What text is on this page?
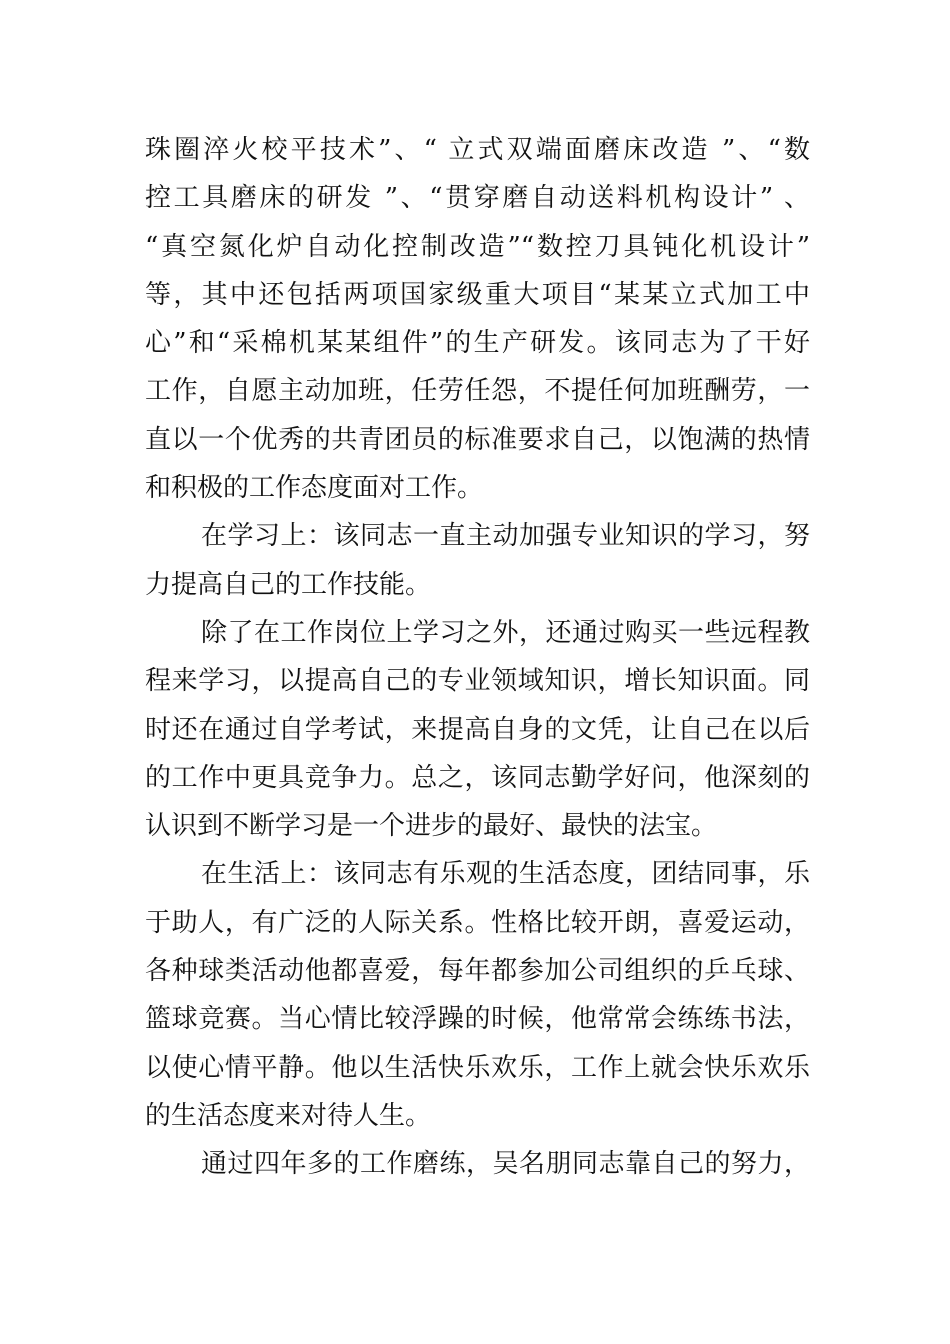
珠圈淬火校平技术”、“ 立式双端面磨床改造 ”、“数
控工具磨床的研发 ”、“贯穿磨自动送料机构设计” 、
“真空氮化炉自动化控制改造”“数控刀具钝化机设计”
等，其中还包括两项国家级重大项目“某某立式加工中
心”和“采棉机某某组件”的生产研发。该同志为了干好
工作，自愿主动加班，任劳任怨，不提任何加班酬劳，一
直以一个优秀的共青团员的标准要求自己，以饱满的热情
和积极的工作态度面对工作。
在学习上：该同志一直主动加强专业知识的学习，努
力提高自己的工作技能。
除了在工作岗位上学习之外，还通过购买一些远程教
程来学习，以提高自己的专业领域知识，增长知识面。同
时还在通过自学考试，来提高自身的文凭，让自己在以后
的工作中更具竞争力。总之，该同志勤学好问，他深刻的
认识到不断学习是一个进步的最好、最快的法宝。
在生活上：该同志有乐观的生活态度，团结同事，乐
于助人，有广泛的人际关系。性格比较开朗，喜爱运动，
各种球类活动他都喜爱，每年都参加公司组织的乒乓球、
篮球竞赛。当心情比较浮躁的时候，他常常会练练书法，
以使心情平静。他以生活快乐欢乐，工作上就会快乐欢乐
的生活态度来对待人生。
通过四年多的工作磨练，吴名朋同志靠自己的努力，
